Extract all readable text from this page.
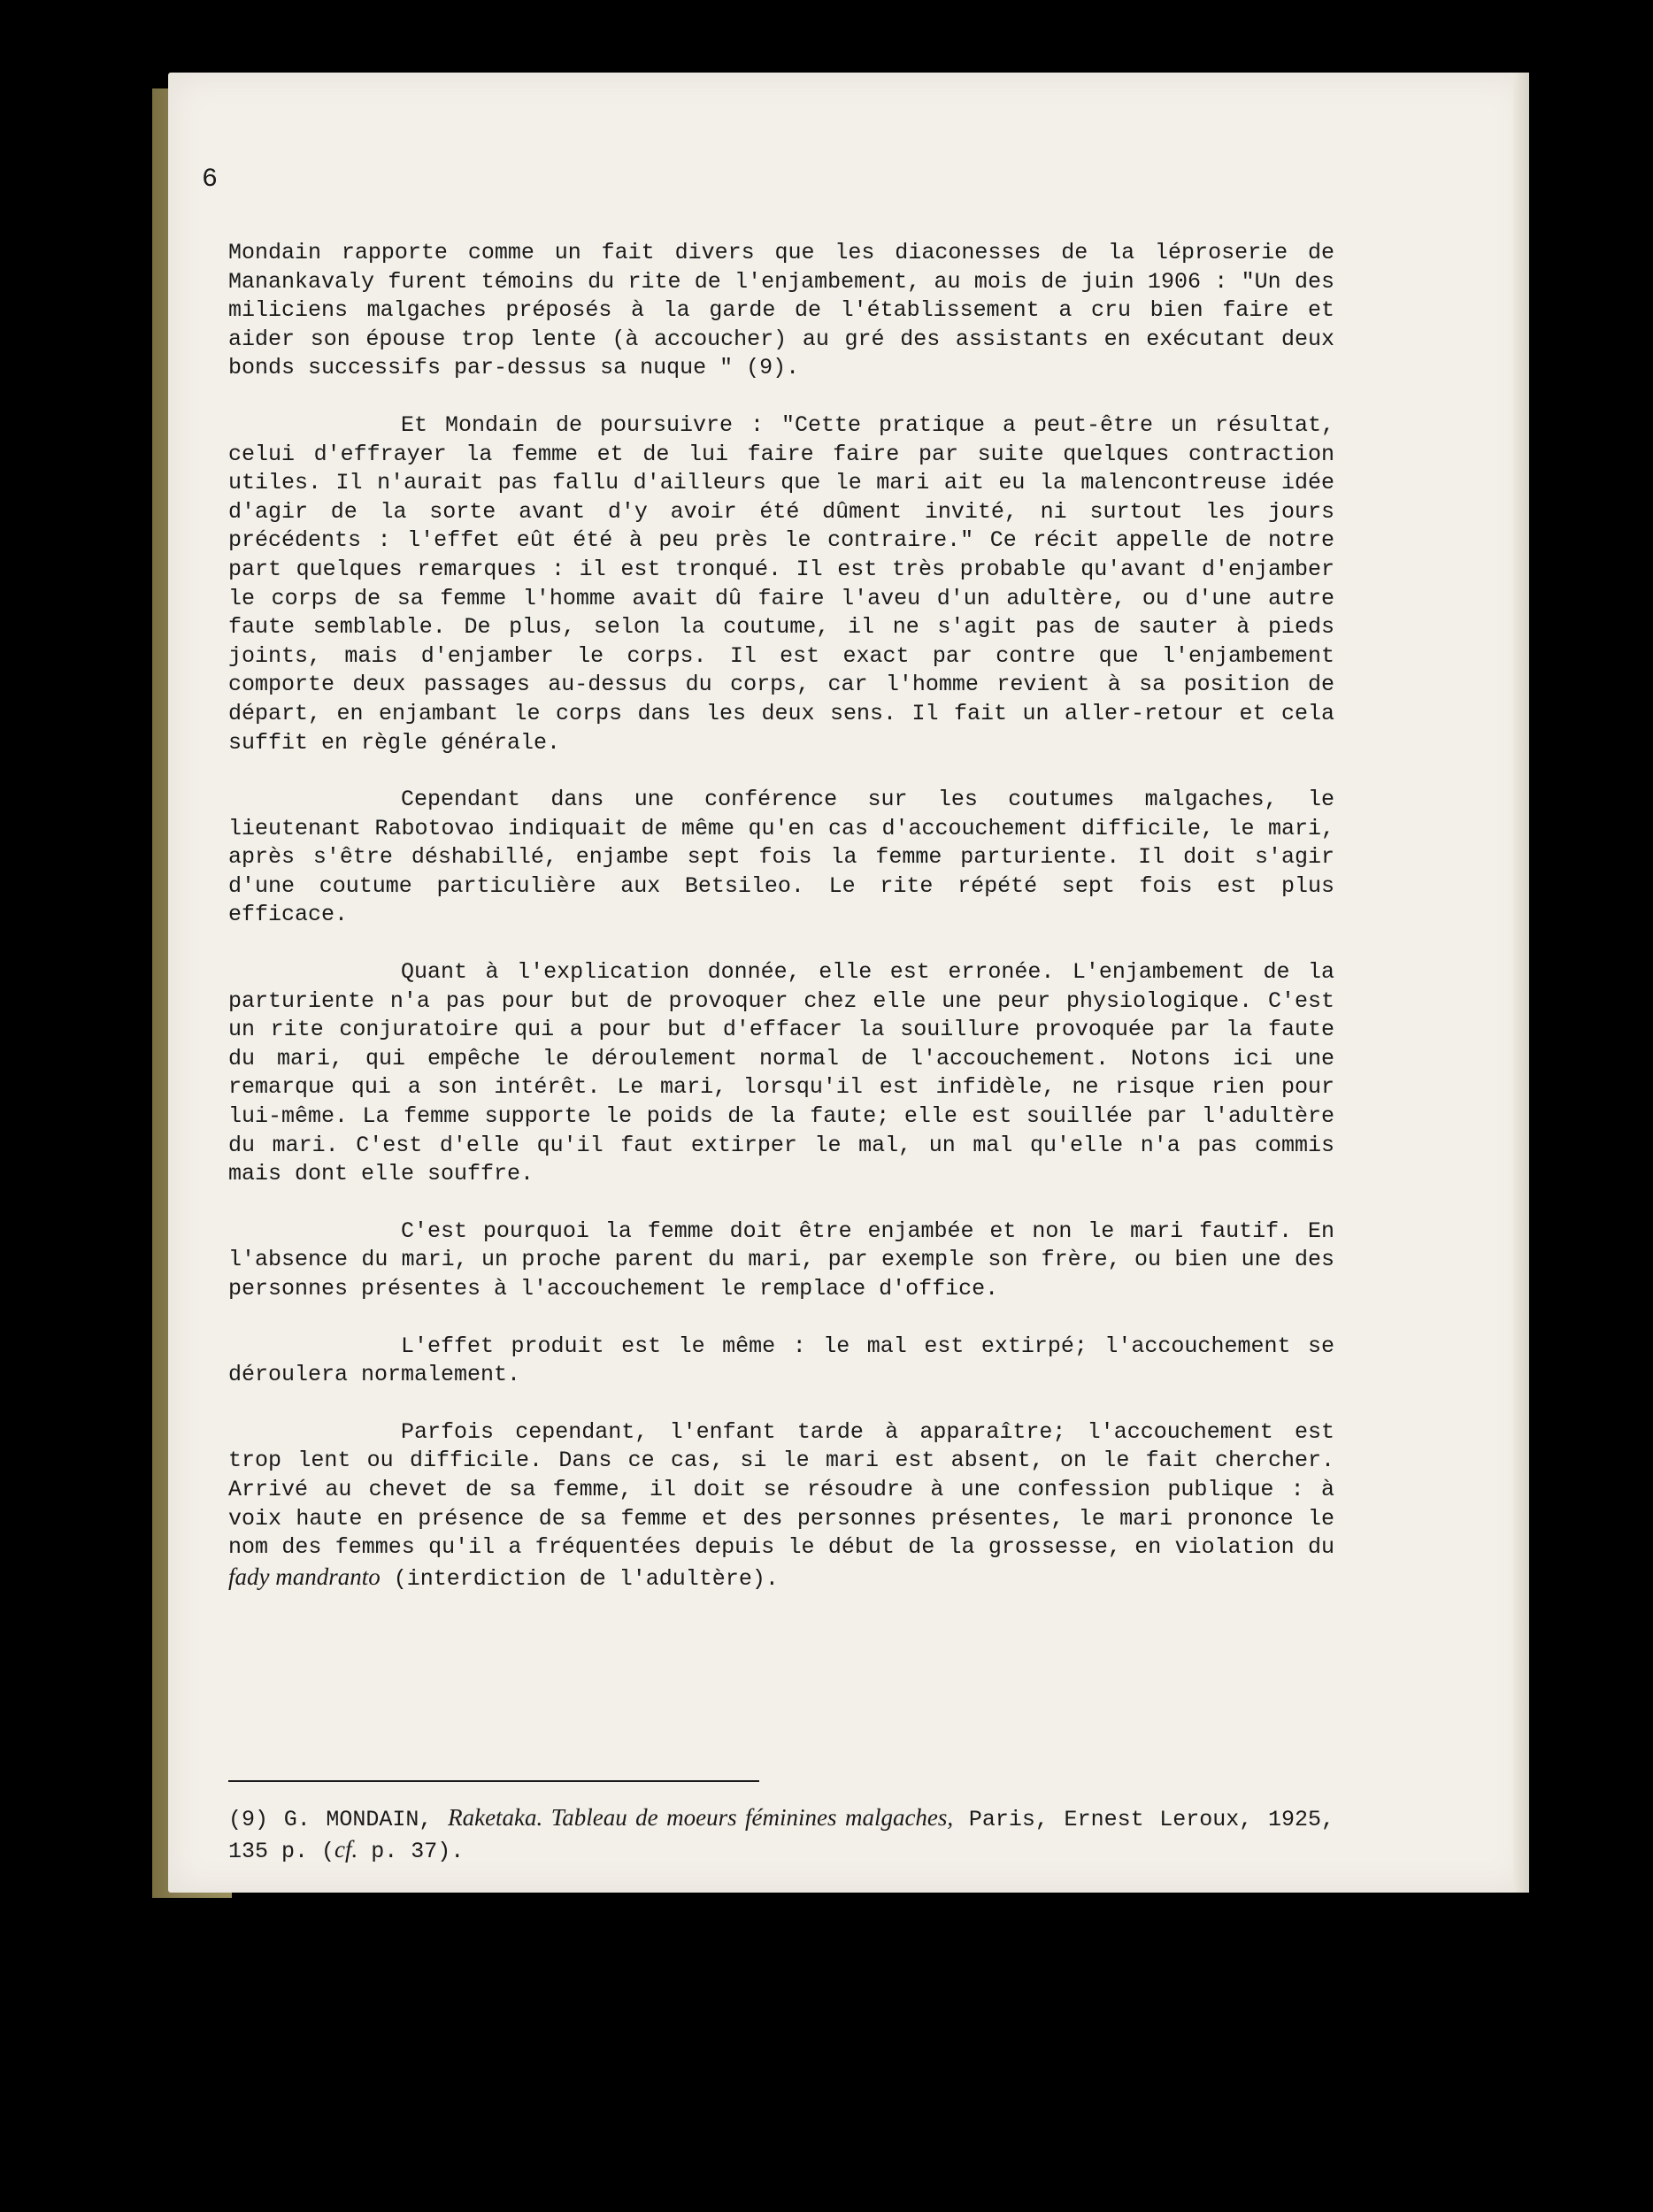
6

Mondain rapporte comme un fait divers que les diaconesses de la léproserie de Manankavaly furent témoins du rite de l'enjambement, au mois de juin 1906 : "Un des miliciens malgaches préposés à la garde de l'établissement a cru bien faire et aider son épouse trop lente (à accoucher) au gré des assistants en exécutant deux bonds successifs par-dessus sa nuque " (9).

Et Mondain de poursuivre : "Cette pratique a peut-être un résultat, celui d'effrayer la femme et de lui faire faire par suite quelques contraction utiles. Il n'aurait pas fallu d'ailleurs que le mari ait eu la malencontreuse idée d'agir de la sorte avant d'y avoir été dûment invité, ni surtout les jours précédents : l'effet eût été à peu près le contraire." Ce récit appelle de notre part quelques remarques : il est tronqué. Il est très probable qu'avant d'enjamber le corps de sa femme l'homme avait dû faire l'aveu d'un adultère, ou d'une autre faute semblable. De plus, selon la coutume, il ne s'agit pas de sauter à pieds joints, mais d'enjamber le corps. Il est exact par contre que l'enjambement comporte deux passages au-dessus du corps, car l'homme revient à sa position de départ, en enjambant le corps dans les deux sens. Il fait un aller-retour et cela suffit en règle générale.

Cependant dans une conférence sur les coutumes malgaches, le lieutenant Rabotovao indiquait de même qu'en cas d'accouchement difficile, le mari, après s'être déshabillé, enjambe sept fois la femme parturiente. Il doit s'agir d'une coutume particulière aux Betsileo. Le rite répété sept fois est plus efficace.

Quant à l'explication donnée, elle est erronée. L'enjambement de la parturiente n'a pas pour but de provoquer chez elle une peur physiologique. C'est un rite conjuratoire qui a pour but d'effacer la souillure provoquée par la faute du mari, qui empêche le déroulement normal de l'accouchement. Notons ici une remarque qui a son intérêt. Le mari, lorsqu'il est infidèle, ne risque rien pour lui-même. La femme supporte le poids de la faute; elle est souillée par l'adultère du mari. C'est d'elle qu'il faut extirper le mal, un mal qu'elle n'a pas commis mais dont elle souffre.

C'est pourquoi la femme doit être enjambée et non le mari fautif. En l'absence du mari, un proche parent du mari, par exemple son frère, ou bien une des personnes présentes à l'accouchement le remplace d'office.

L'effet produit est le même : le mal est extirpé; l'accouchement se déroulera normalement.

Parfois cependant, l'enfant tarde à apparaître; l'accouchement est trop lent ou difficile. Dans ce cas, si le mari est absent, on le fait chercher. Arrivé au chevet de sa femme, il doit se résoudre à une confession publique : à voix haute en présence de sa femme et des personnes présentes, le mari prononce le nom des femmes qu'il a fréquentées depuis le début de la grossesse, en violation du fady mandranto (interdiction de l'adultère).

(9) G. MONDAIN, Raketaka. Tableau de moeurs féminines malgaches, Paris, Ernest Leroux, 1925, 135 p. (cf. p. 37).
